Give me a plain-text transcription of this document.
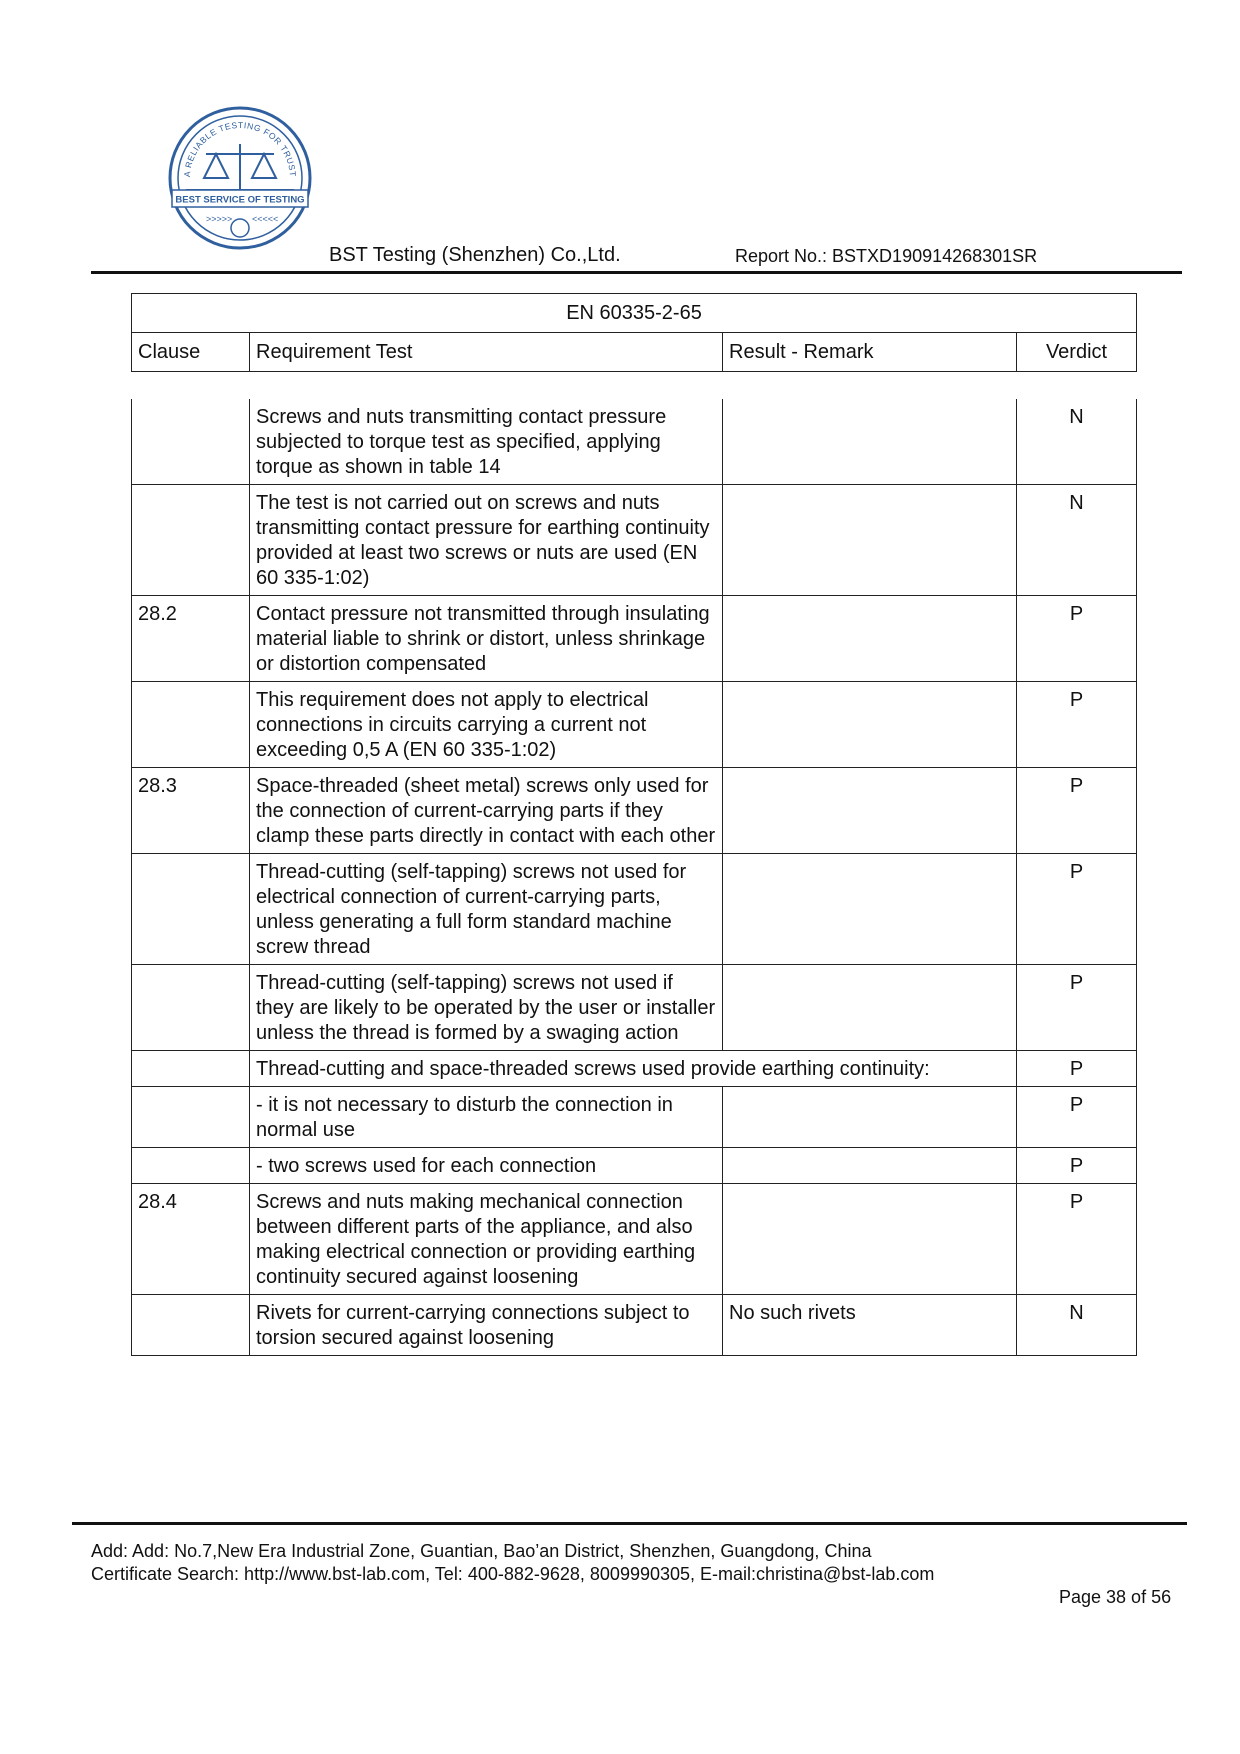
A RELIABLE TESTING FOR TRUST
BEST SERVICE OF TESTING
>>>>> <<<<<
BST Testing (Shenzhen) Co.,Ltd.	Report No.: BSTXD190914268301SR
EN 60335-2-65
Clause	Requirement Test	Result - Remark	Verdict
	Screws and nuts transmitting contact pressure subjected to torque test as specified, applying torque as shown in table 14		N
	The test is not carried out on screws and nuts transmitting contact pressure for earthing continuity provided at least two screws or nuts are used (EN 60 335-1:02)		N
28.2	Contact pressure not transmitted through insulating material liable to shrink or distort, unless shrinkage or distortion compensated		P
	This requirement does not apply to electrical connections in circuits carrying a current not exceeding 0,5 A (EN 60 335-1:02)		P
28.3	Space-threaded (sheet metal) screws only used for the connection of current-carrying parts if they clamp these parts directly in contact with each other		P
	Thread-cutting (self-tapping) screws not used for electrical connection of current-carrying parts, unless generating a full form standard machine screw thread		P
	Thread-cutting (self-tapping) screws not used if they are likely to be operated by the user or installer unless the thread is formed by a swaging action		P
	Thread-cutting and space-threaded screws used provide earthing continuity:		P
	- it is not necessary to disturb the connection in normal use		P
	- two screws used for each connection		P
28.4	Screws and nuts making mechanical connection between different parts of the appliance, and also making electrical connection or providing earthing continuity secured against loosening		P
	Rivets for current-carrying connections subject to torsion secured against loosening	No such rivets	N
Add: Add: No.7,New Era Industrial Zone, Guantian, Bao’an District, Shenzhen, Guangdong, China
Certificate Search: http://www.bst-lab.com, Tel: 400-882-9628, 8009990305, E-mail:christina@bst-lab.com
Page 38 of 56
